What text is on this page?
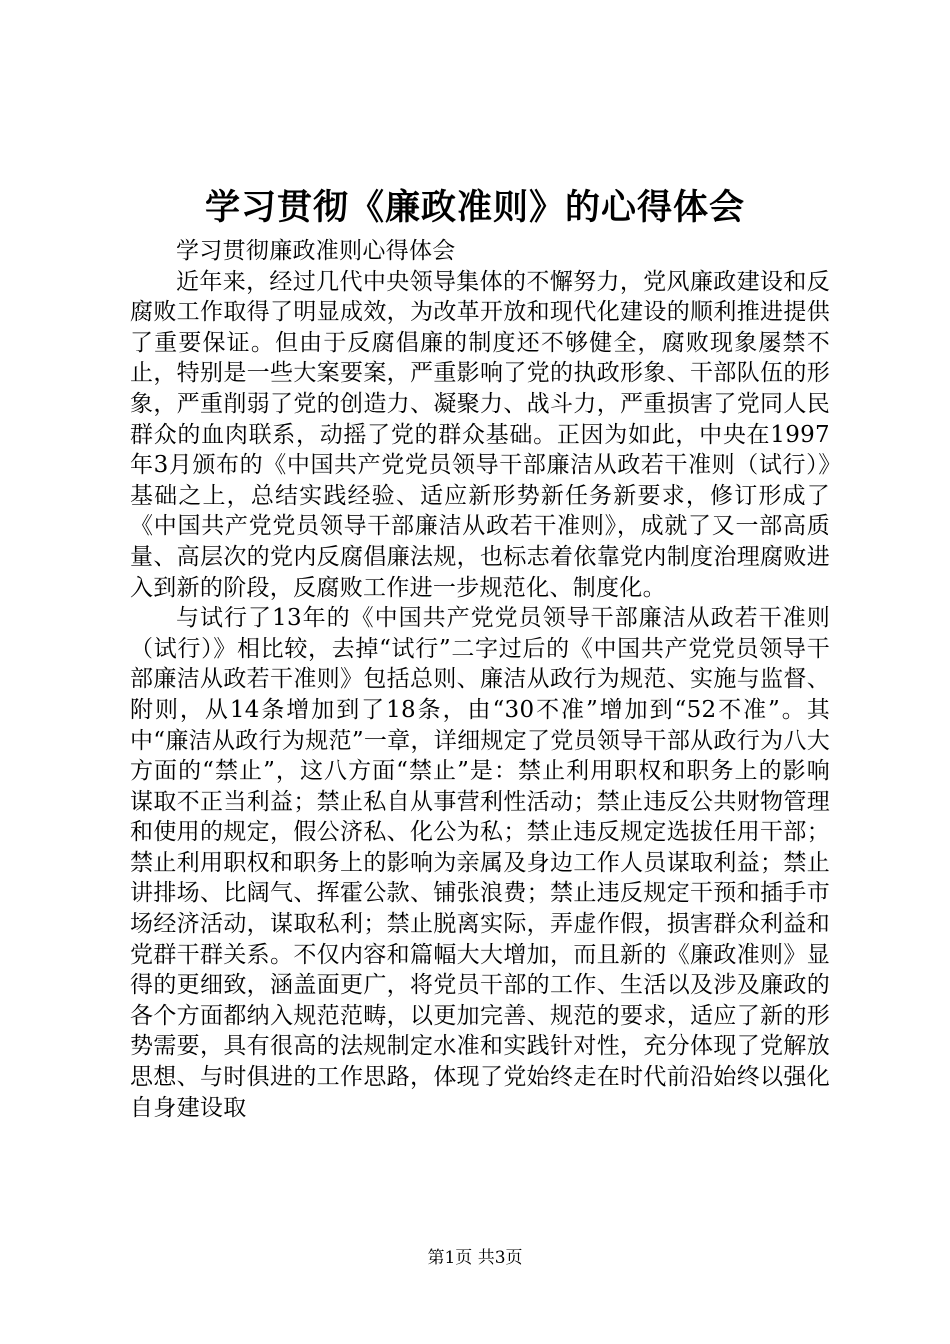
学习贯彻《廉政准则》的心得体会

学习贯彻廉政准则心得体会

近年来，经过几代中央领导集体的不懈努力，党风廉政建设和反腐败工作取得了明显成效，为改革开放和现代化建设的顺利推进提供了重要保证。但由于反腐倡廉的制度还不够健全，腐败现象屡禁不止，特别是一些大案要案，严重影响了党的执政形象、干部队伍的形象，严重削弱了党的创造力、凝聚力、战斗力，严重损害了党同人民群众的血肉联系，动摇了党的群众基础。正因为如此，中央在1997年3月颁布的《中国共产党党员领导干部廉洁从政若干准则（试行）》基础之上，总结实践经验、适应新形势新任务新要求，修订形成了《中国共产党党员领导干部廉洁从政若干准则》，成就了又一部高质量、高层次的党内反腐倡廉法规，也标志着依靠党内制度治理腐败进入到新的阶段，反腐败工作进一步规范化、制度化。

与试行了13年的《中国共产党党员领导干部廉洁从政若干准则（试行）》相比较，去掉“试行”二字过后的《中国共产党党员领导干部廉洁从政若干准则》包括总则、廉洁从政行为规范、实施与监督、附则，从14条增加到了18条，由“30不准”增加到“52不准”。其中“廉洁从政行为规范”一章，详细规定了党员领导干部从政行为八大方面的“禁止”，这八方面“禁止”是：禁止利用职权和职务上的影响谋取不正当利益；禁止私自从事营利性活动；禁止违反公共财物管理和使用的规定，假公济私、化公为私；禁止违反规定选拔任用干部；禁止利用职权和职务上的影响为亲属及身边工作人员谋取利益；禁止讲排场、比阔气、挥霍公款、铺张浪费；禁止违反规定干预和插手市场经济活动，谋取私利；禁止脱离实际，弄虚作假，损害群众利益和党群干群关系。不仅内容和篇幅大大增加，而且新的《廉政准则》显得的更细致，涵盖面更广，将党员干部的工作、生活以及涉及廉政的各个方面都纳入规范范畴，以更加完善、规范的要求，适应了新的形势需要，具有很高的法规制定水准和实践针对性，充分体现了党解放思想、与时俱进的工作思路，体现了党始终走在时代前沿始终以强化自身建设取

第1页 共3页
